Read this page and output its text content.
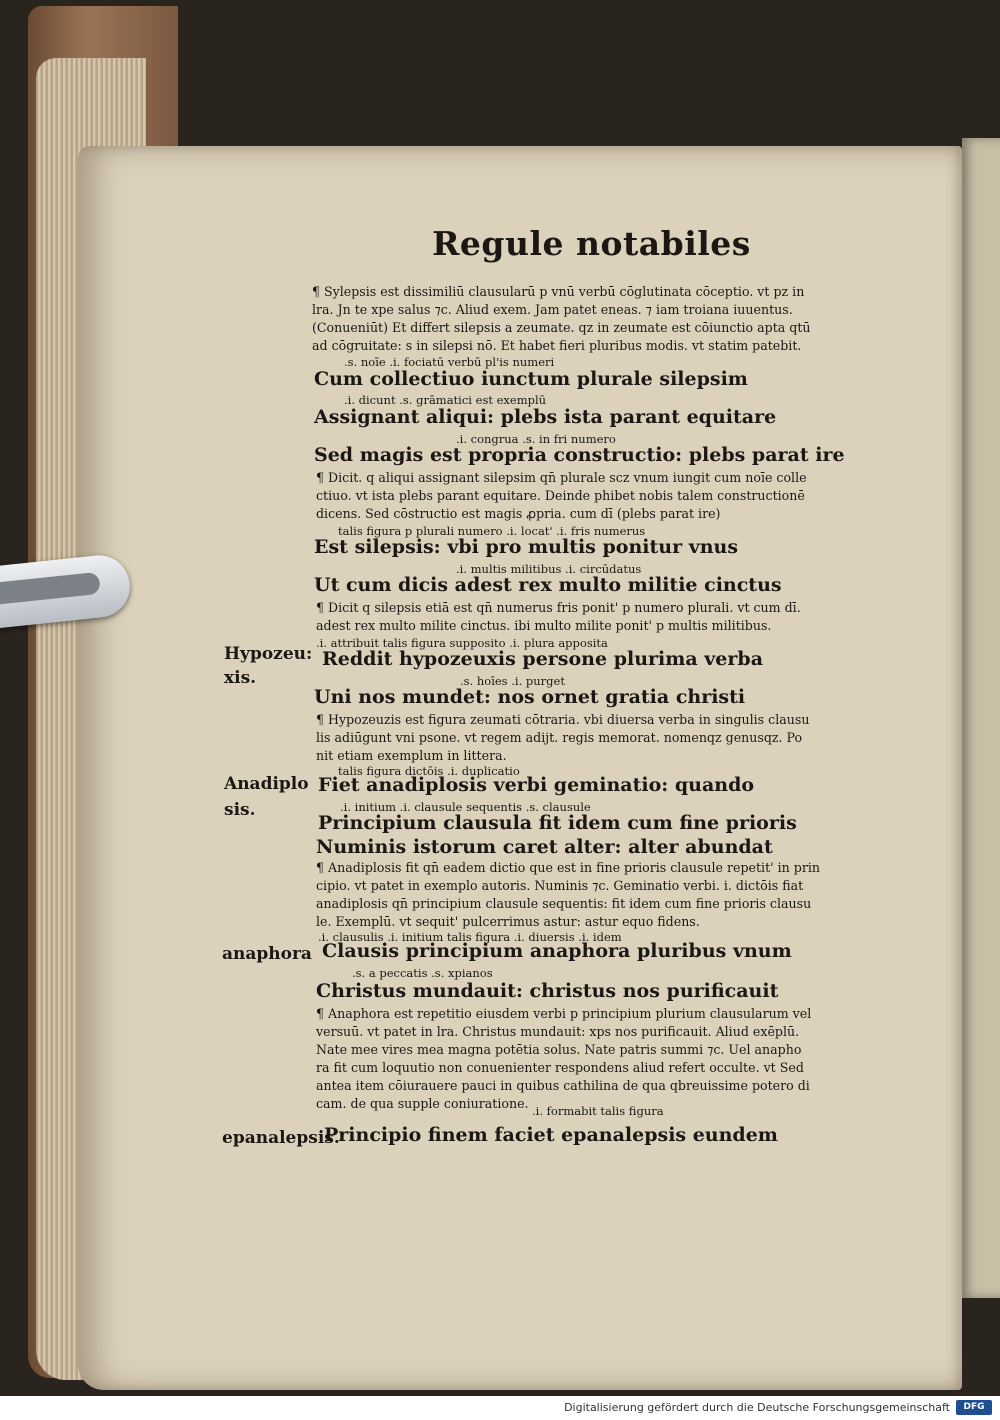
Regule notabiles
¶ Sylepsis est dissimiliū clausularū p vnū verbū cōglutinata cōceptio. vt pz in
lra. Jn te xpe salus ⁊c. Aliud exem. Jam patet eneas. ⁊ iam troiana iuuentus.
(Conueniūt) Et differt silepsis a zeumate. qz in zeumate est cōiunctio apta qtū
ad cōgruitate: s in silepsi nō. Et habet fieri pluribus modis. vt statim patebit.
.s. noīe .i. fociatū verbū pl'is numeri
Cum collectiuo iunctum plurale silepsim
.i. dicunt .s. grāmatici est exemplū
Assignant aliqui: plebs ista parant equitare
.i. congrua .s. in fri numero
Sed magis est propria constructio: plebs parat ire
¶ Dicit. q aliqui assignant silepsim qn̄ plurale scz vnum iungit cum noīe colle
ctiuo. vt ista plebs parant equitare. Deinde phibet nobis talem constructionē
dicens. Sed cōstructio est magis ꝓpria. cum dī (plebs parat ire)
talis figura p plurali numero .i. locat' .i. fris numerus
Est silepsis: vbi pro multis ponitur vnus
.i. multis militibus .i. circūdatus
Ut cum dicis adest rex multo militie cinctus
¶ Dicit q silepsis etiā est qn̄ numerus fris ponit' p numero plurali. vt cum dī.
adest rex multo milite cinctus. ibi multo milite ponit' p multis militibus.
.i. attribuit talis figura supposito .i. plura apposita
Reddit hypozeuxis persone plurima verba
.s. hoīes .i. purget
Uni nos mundet: nos ornet gratia christi
¶ Hypozeuzis est figura zeumati cōtraria. vbi diuersa verba in singulis clausu
lis adiūgunt vni psone. vt regem adijt. regis memorat. nomenqz genusqz. Po
nit etiam exemplum in littera.
talis figura dictōis .i. duplicatio
Fiet anadiplosis verbi geminatio: quando
.i. initium .i. clausule sequentis .s. clausule
Principium clausula fit idem cum fine prioris
Numinis istorum caret alter: alter abundat
¶ Anadiplosis fit qn̄ eadem dictio que est in fine prioris clausule repetit' in prin
cipio. vt patet in exemplo autoris. Numinis ⁊c. Geminatio verbi. i. dictōis fiat
anadiplosis qn̄ principium clausule sequentis: fit idem cum fine prioris clausu
le. Exemplū. vt sequit' pulcerrimus astur: astur equo fidens.
.i. clausulis .i. initium talis figura .i. diuersis .i. idem
Clausis principium anaphora pluribus vnum
.s. a peccatis .s. xpianos
Christus mundauit: christus nos purificauit
¶ Anaphora est repetitio eiusdem verbi p principium plurium clausularum vel
versuū. vt patet in lra. Christus mundauit: xps nos purificauit. Aliud exēplū.
Nate mee vires mea magna potētia solus. Nate patris summi ⁊c. Uel anapho
ra fit cum loquutio non conuenienter respondens aliud refert occulte. vt Sed
antea item cōiurauere pauci in quibus cathilina de qua qbreuissime potero di
cam. de qua supple coniuratione. .i. formabit talis figura
Principio finem faciet epanalepsis eundem
Hypozeu:
xis.
Anadiplo
sis.
anaphora
epanalepsis.
Digitalisierung gefördert durch die Deutsche Forschungsgemeinschaft	DFG
